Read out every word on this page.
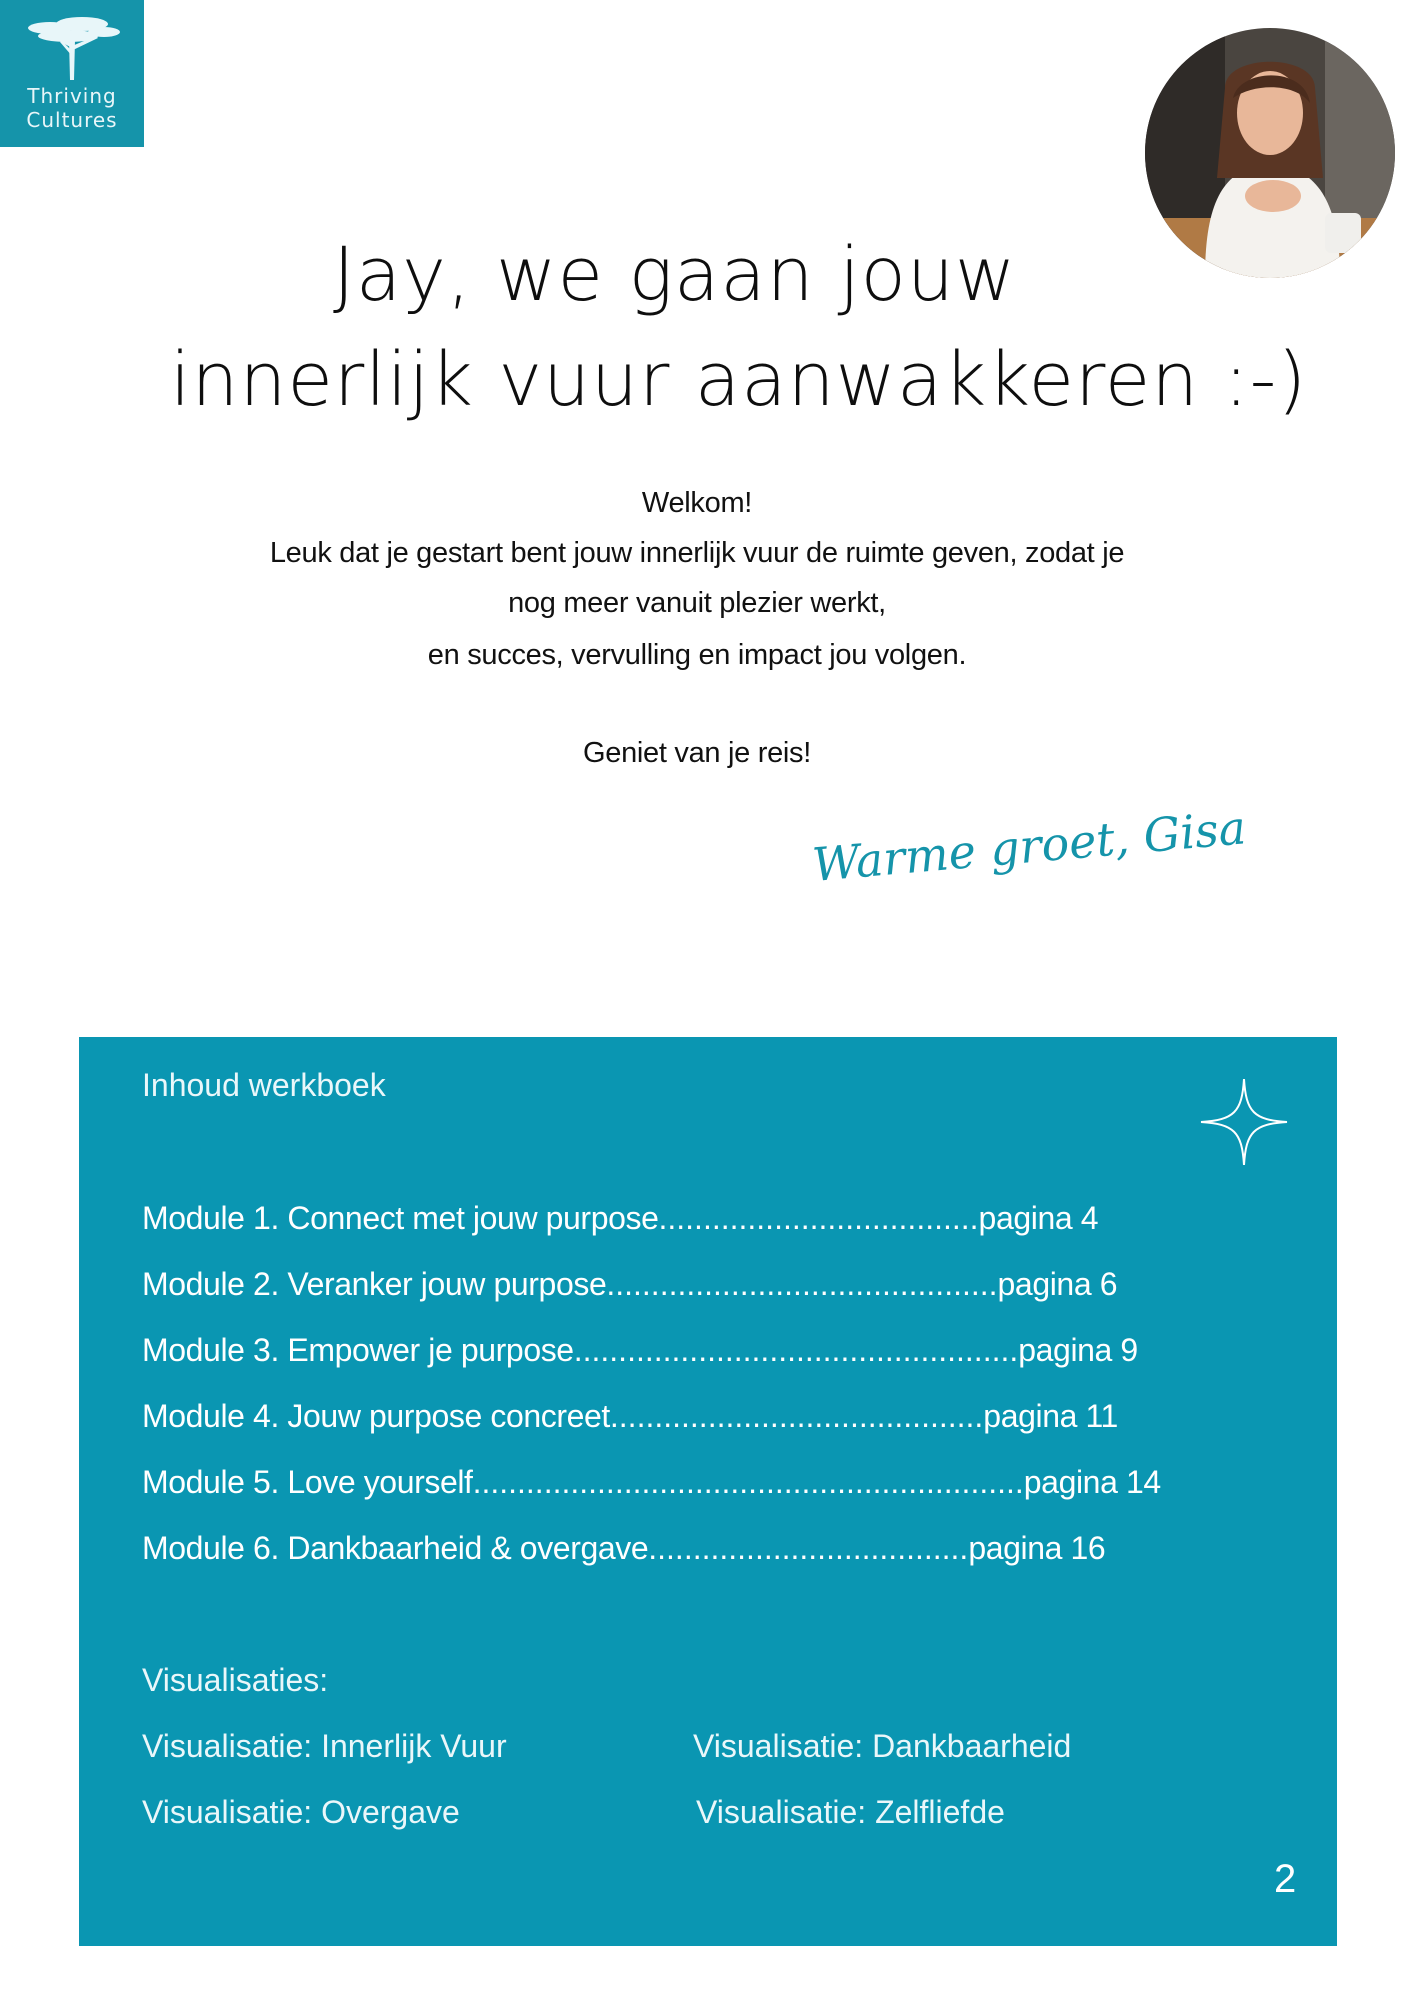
Thriving
Cultures
Jay, we gaan jouw
innerlijk vuur aanwakkeren :-)
Welkom!
Leuk dat je gestart bent jouw innerlijk vuur de ruimte geven, zodat je
nog meer vanuit plezier werkt,
en succes, vervulling en impact jou volgen.
Geniet van je reis!
Warme groet, Gisa
Inhoud werkboek
Module 1. Connect met jouw purpose....................................pagina 4
Module 2. Veranker jouw purpose............................................pagina 6
Module 3. Empower je purpose..................................................pagina 9
Module 4. Jouw purpose concreet..........................................pagina 11
Module 5. Love yourself..............................................................pagina 14
Module 6. Dankbaarheid & overgave....................................pagina 16
Visualisaties:
Visualisatie: Innerlijk Vuur	Visualisatie: Dankbaarheid
Visualisatie: Overgave	Visualisatie: Zelfliefde
2
